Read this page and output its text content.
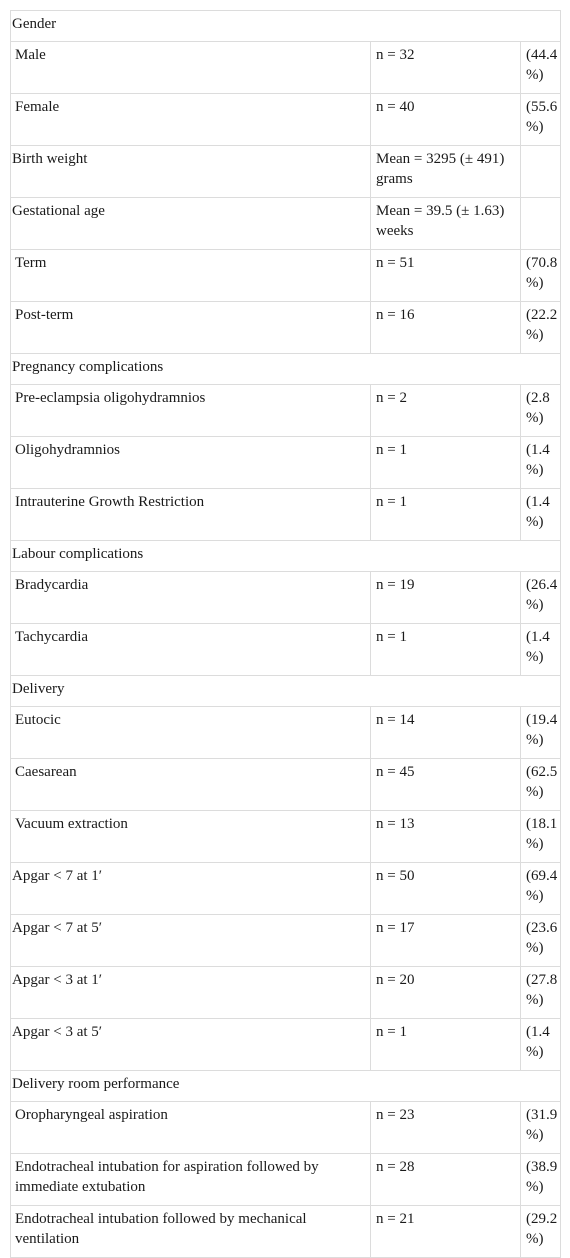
Gender		
Male	n = 32	(44.4 %)
Female	n = 40	(55.6 %)
Birth weight	Mean = 3295 (± 491) grams	
Gestational age	Mean = 39.5 (± 1.63) weeks	
Term	n = 51	(70.8 %)
Post-term	n = 16	(22.2 %)
Pregnancy complications		
Pre-eclampsia oligohydramnios	n = 2	(2.8 %)
Oligohydramnios	n = 1	(1.4 %)
Intrauterine Growth Restriction	n = 1	(1.4 %)
Labour complications		
Bradycardia	n = 19	(26.4 %)
Tachycardia	n = 1	(1.4 %)
Delivery		
Eutocic	n = 14	(19.4 %)
Caesarean	n = 45	(62.5 %)
Vacuum extraction	n = 13	(18.1 %)
Apgar < 7 at 1′	n = 50	(69.4 %)
Apgar < 7 at 5′	n = 17	(23.6 %)
Apgar < 3 at 1′	n = 20	(27.8 %)
Apgar < 3 at 5′	n = 1	(1.4 %)
Delivery room performance		
Oropharyngeal aspiration	n = 23	(31.9 %)
Endotracheal intubation for aspiration followed by immediate extubation	n = 28	(38.9 %)
Endotracheal intubation followed by mechanical ventilation	n = 21	(29.2 %)
